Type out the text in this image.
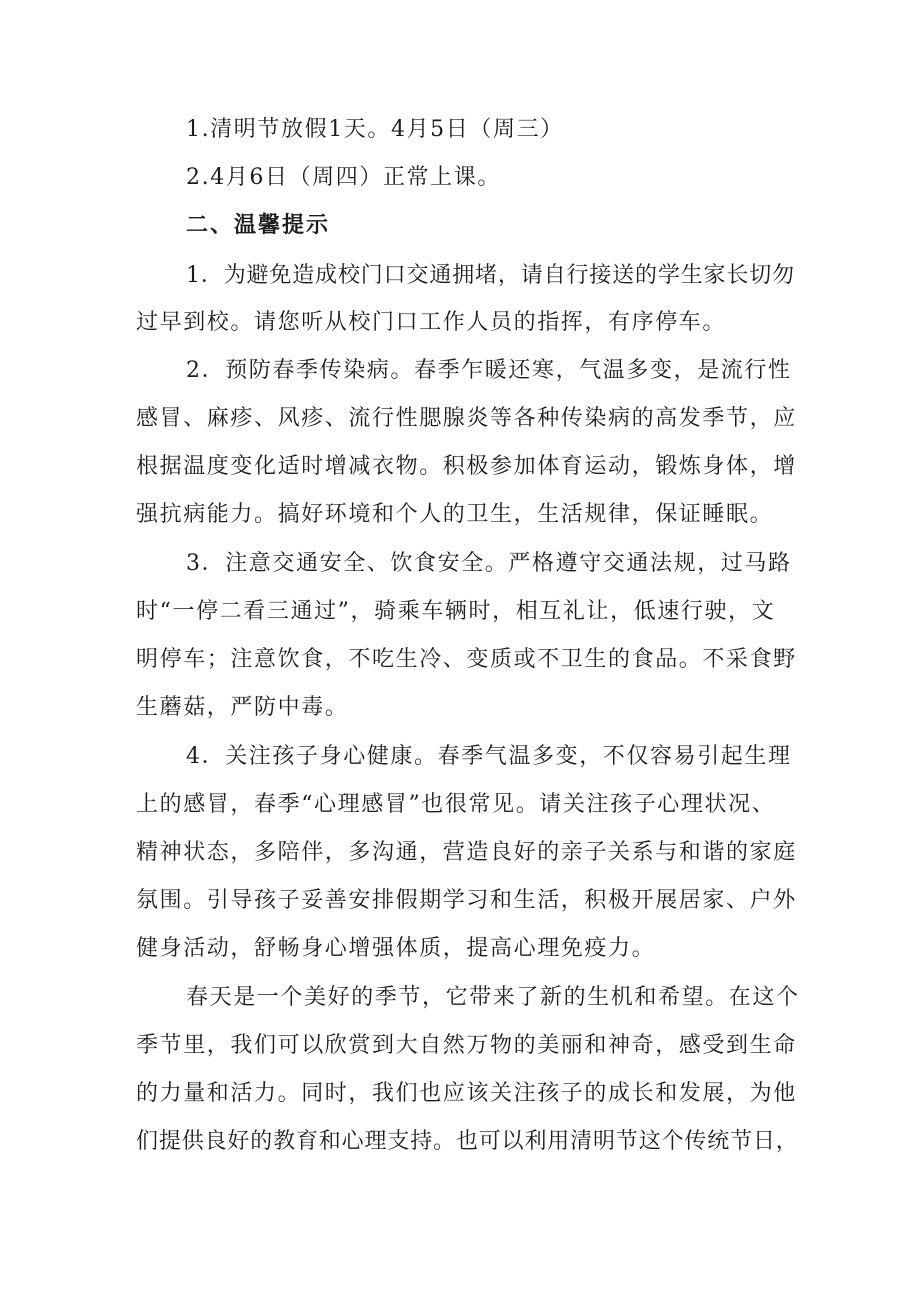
1.清明节放假1天。4月5日（周三）
2.4月6日（周四）正常上课。
二、温馨提示
1．为避免造成校门口交通拥堵，请自行接送的学生家长切勿
过早到校。请您听从校门口工作人员的指挥，有序停车。
2．预防春季传染病。春季乍暖还寒，气温多变，是流行性
感冒、麻疹、风疹、流行性腮腺炎等各种传染病的高发季节，应
根据温度变化适时增减衣物。积极参加体育运动，锻炼身体，增
强抗病能力。搞好环境和个人的卫生，生活规律，保证睡眠。
3．注意交通安全、饮食安全。严格遵守交通法规，过马路
时“一停二看三通过”，骑乘车辆时，相互礼让，低速行驶，文
明停车；注意饮食，不吃生冷、变质或不卫生的食品。不采食野
生蘑菇，严防中毒。
4．关注孩子身心健康。春季气温多变，不仅容易引起生理
上的感冒，春季“心理感冒”也很常见。请关注孩子心理状况、
精神状态，多陪伴，多沟通，营造良好的亲子关系与和谐的家庭
氛围。引导孩子妥善安排假期学习和生活，积极开展居家、户外
健身活动，舒畅身心增强体质，提高心理免疫力。
春天是一个美好的季节，它带来了新的生机和希望。在这个
季节里，我们可以欣赏到大自然万物的美丽和神奇，感受到生命
的力量和活力。同时，我们也应该关注孩子的成长和发展，为他
们提供良好的教育和心理支持。也可以利用清明节这个传统节日，
